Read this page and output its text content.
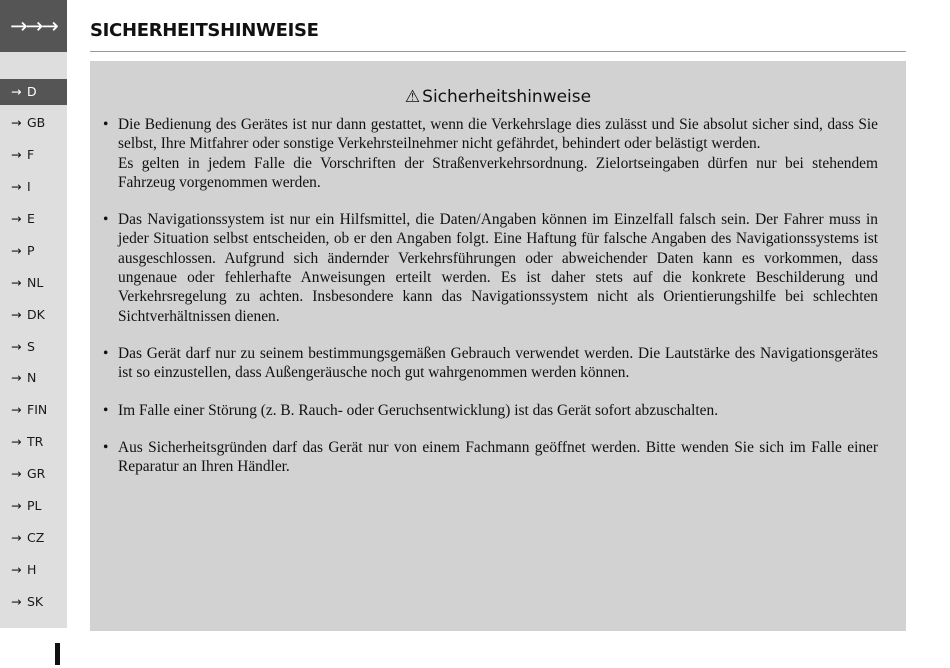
→→→	SICHERHEITSHINWEISE
→ D
→ GB
→ F
→ I
→ E
→ P
→ NL
→ DK
→ S
→ N
→ FIN
→ TR
→ GR
→ PL
→ CZ
→ H
→ SK
⚠ Sicherheitshinweise
• Die Bedienung des Gerätes ist nur dann gestattet, wenn die Verkehrslage dies zulässt und Sie absolut sicher sind, dass Sie selbst, Ihre Mitfahrer oder sonstige Verkehrsteilnehmer nicht gefährdet, behindert oder belästigt werden.
Es gelten in jedem Falle die Vorschriften der Straßenverkehrsordnung. Zielortseingaben dürfen nur bei stehendem Fahrzeug vorgenommen werden.
• Das Navigationssystem ist nur ein Hilfsmittel, die Daten/Angaben können im Einzelfall falsch sein. Der Fahrer muss in jeder Situation selbst entscheiden, ob er den Angaben folgt. Eine Haftung für falsche Angaben des Navigationssystems ist ausgeschlossen. Aufgrund sich ändernder Verkehrsführungen oder abweichender Daten kann es vorkommen, dass ungenaue oder fehlerhafte Anweisungen erteilt werden. Es ist daher stets auf die konkrete Beschilderung und Verkehrsregelung zu achten. Insbesondere kann das Navigationssystem nicht als Orientierungshilfe bei schlechten Sichtverhältnissen dienen.
• Das Gerät darf nur zu seinem bestimmungsgemäßen Gebrauch verwendet werden. Die Lautstärke des Navigationsgerätes ist so einzustellen, dass Außengeräusche noch gut wahrgenommen werden können.
• Im Falle einer Störung (z. B. Rauch- oder Geruchsentwicklung) ist das Gerät sofort abzuschalten.
• Aus Sicherheitsgründen darf das Gerät nur von einem Fachmann geöffnet werden. Bitte wenden Sie sich im Falle einer Reparatur an Ihren Händler.
